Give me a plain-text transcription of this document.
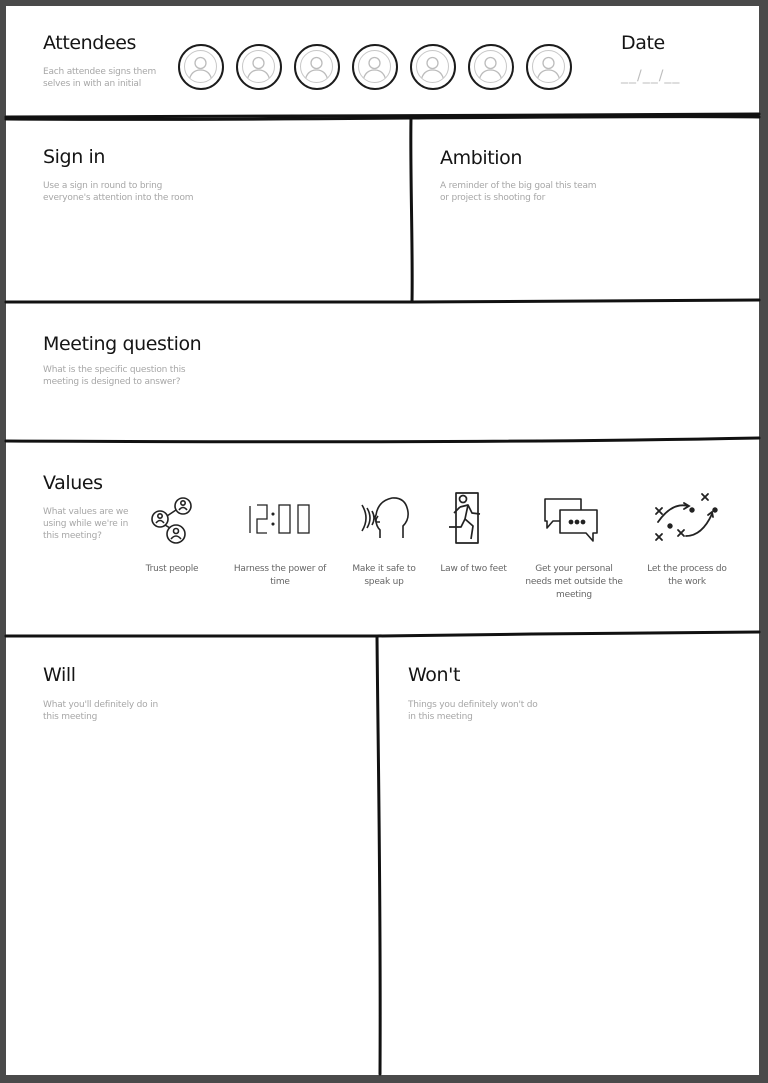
Attendees

Each attendee signs them selves in with an initial

Date
__/__/__
Sign in

Use a sign in round to bring everyone's attention into the room

Ambition

A reminder of the big goal this team or project is shooting for

Meeting question

What is the specific question this meeting is designed to answer?

Values

What values are we using while we're in this meeting?

Trust people	Harness the power of time

Make it safe to speak up

Law of two feet	Get your personal needs met outside the meeting

Let the process do the work

Will

What you'll definitely do in this meeting

Won't

Things you definitely won't do in this meeting
